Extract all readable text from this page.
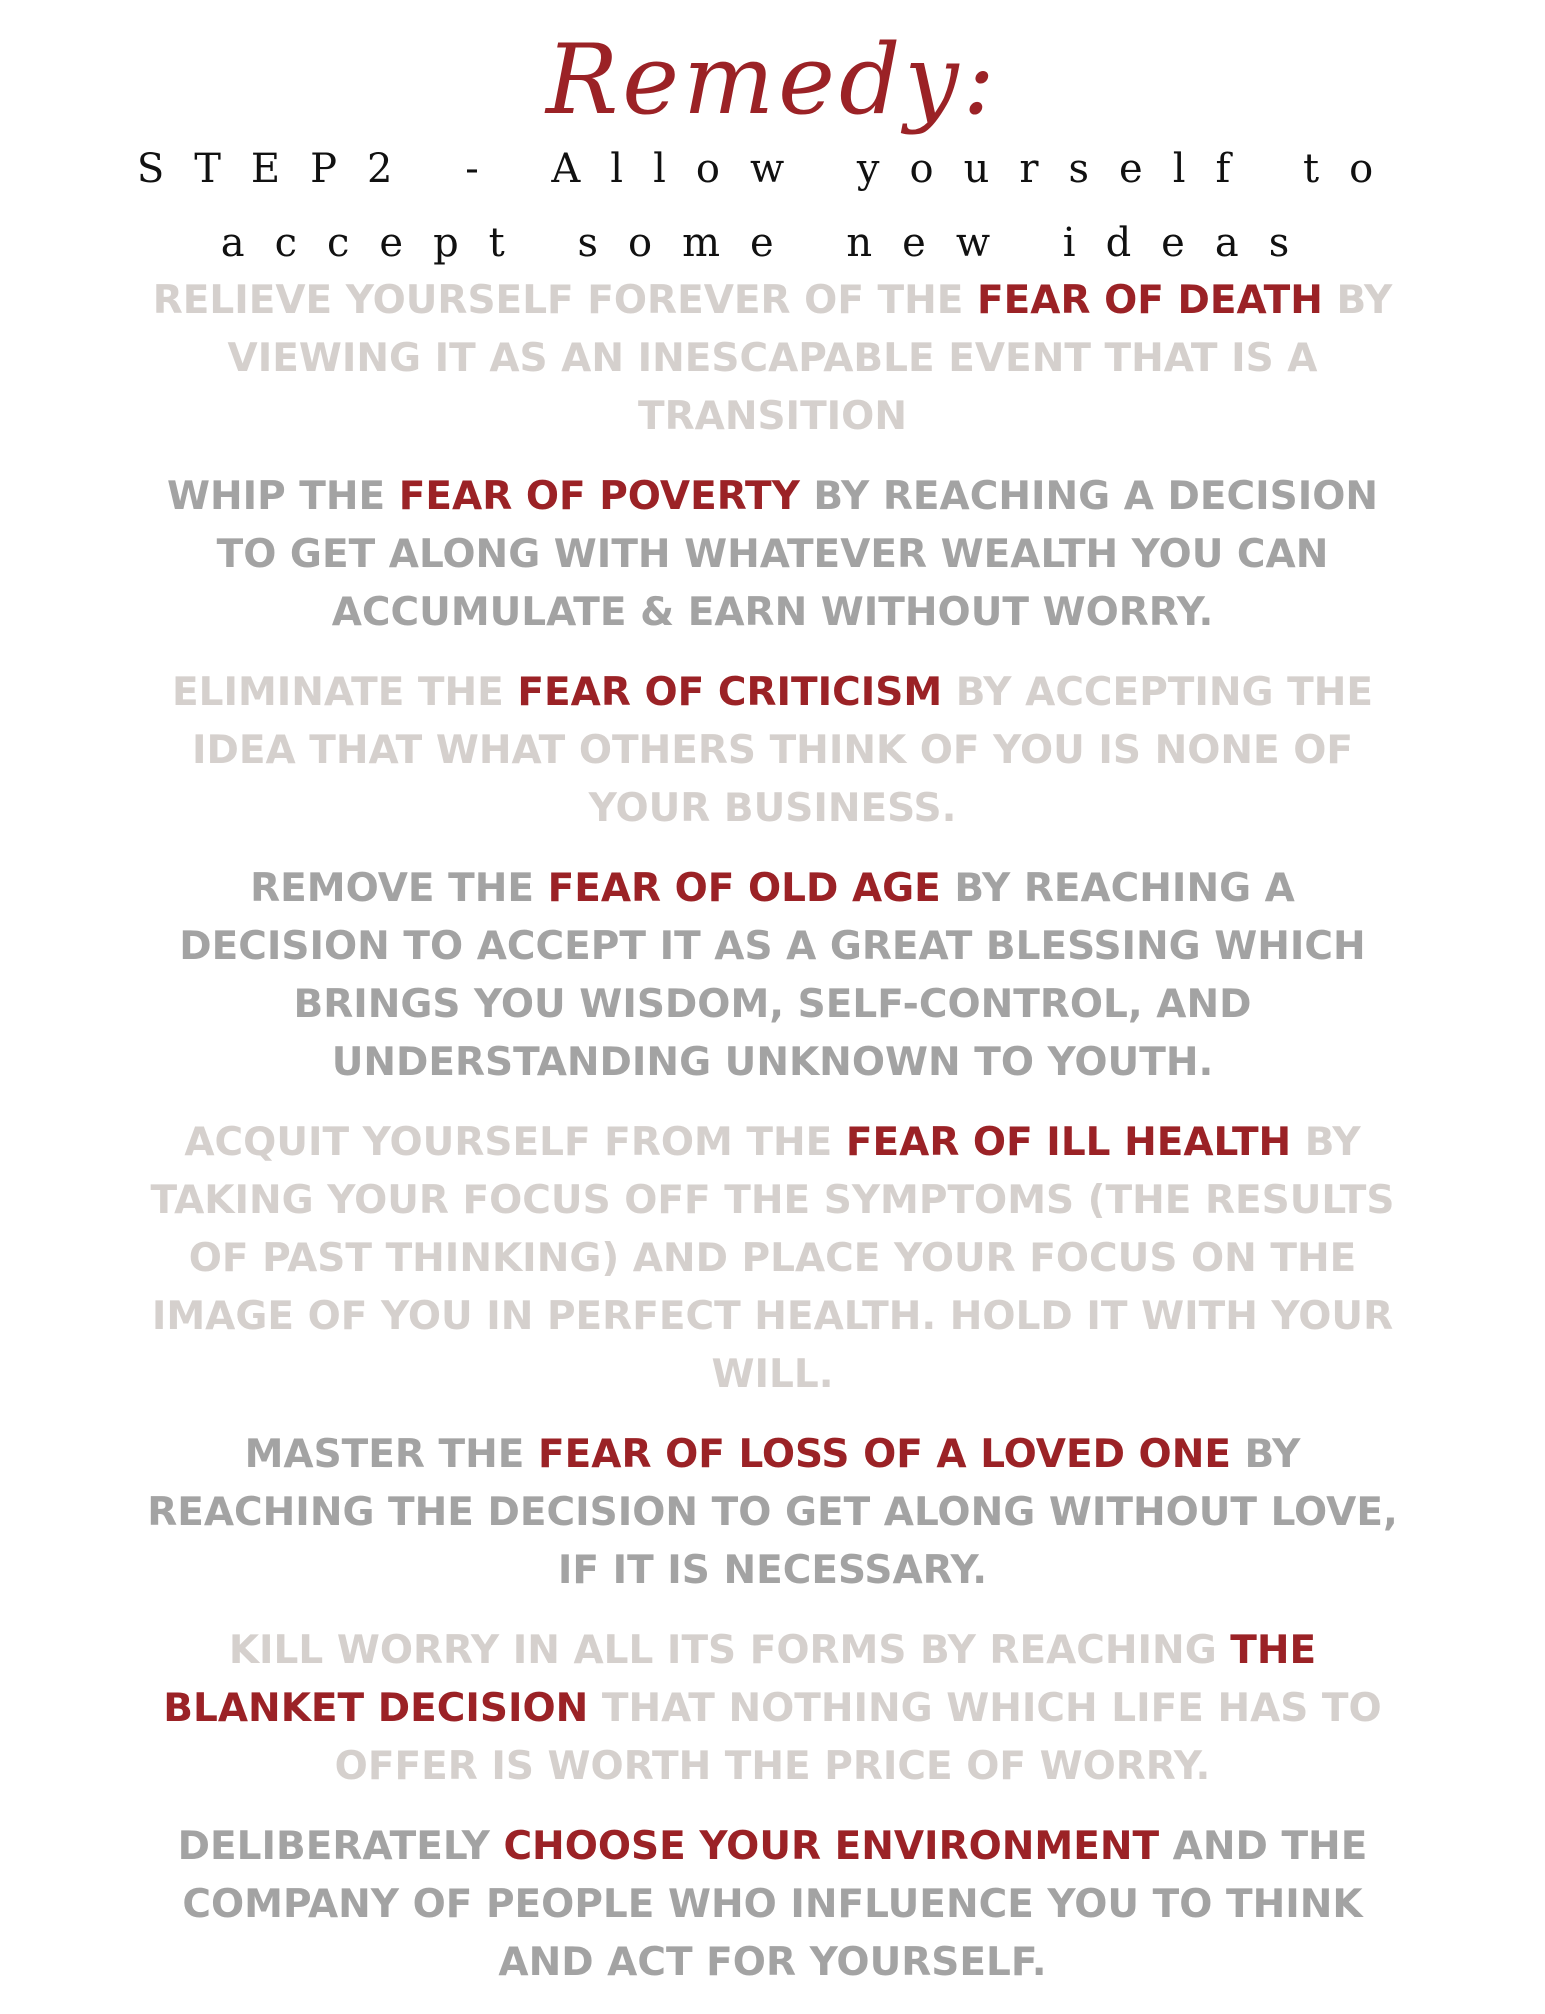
Remedy:
STEP2 - Allow yourself to accept some new ideas

RELIEVE YOURSELF FOREVER OF THE FEAR OF DEATH BY VIEWING IT AS AN INESCAPABLE EVENT THAT IS A TRANSITION

WHIP THE FEAR OF POVERTY BY REACHING A DECISION TO GET ALONG WITH WHATEVER WEALTH YOU CAN ACCUMULATE & EARN WITHOUT WORRY.

ELIMINATE THE FEAR OF CRITICISM BY ACCEPTING THE IDEA THAT WHAT OTHERS THINK OF YOU IS NONE OF YOUR BUSINESS.

REMOVE THE FEAR OF OLD AGE BY REACHING A DECISION TO ACCEPT IT AS A GREAT BLESSING WHICH BRINGS YOU WISDOM, SELF-CONTROL, AND UNDERSTANDING UNKNOWN TO YOUTH.

ACQUIT YOURSELF FROM THE FEAR OF ILL HEALTH BY TAKING YOUR FOCUS OFF THE SYMPTOMS (THE RESULTS OF PAST THINKING) AND PLACE YOUR FOCUS ON THE IMAGE OF YOU IN PERFECT HEALTH. HOLD IT WITH YOUR WILL.

MASTER THE FEAR OF LOSS OF A LOVED ONE BY REACHING THE DECISION TO GET ALONG WITHOUT LOVE, IF IT IS NECESSARY.

KILL WORRY IN ALL ITS FORMS BY REACHING THE BLANKET DECISION THAT NOTHING WHICH LIFE HAS TO OFFER IS WORTH THE PRICE OF WORRY.

DELIBERATELY CHOOSE YOUR ENVIRONMENT AND THE COMPANY OF PEOPLE WHO INFLUENCE YOU TO THINK AND ACT FOR YOURSELF.
